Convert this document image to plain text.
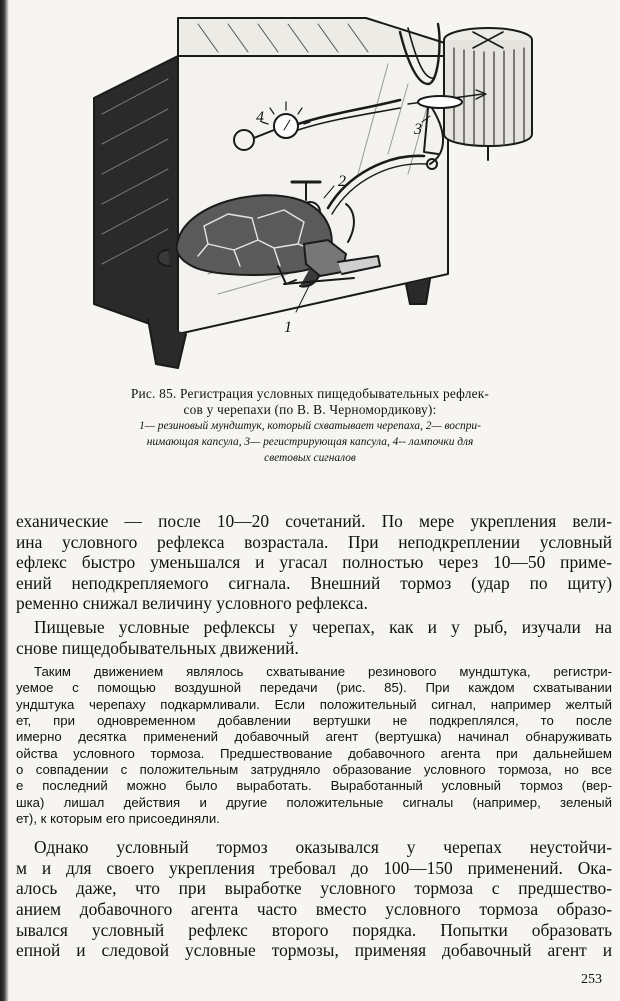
1
2
3
4
Рис. 85. Регистрация условных пищедобывательных рефлек-
сов у черепахи (по В. В. Черномордикову):
1— резиновый мундштук, который схватывает черепаха, 2— воспри-
нимающая капсула, 3— регистрирующая капсула, 4-- лампочки для
световых сигналов
еханические — после 10—20 сочетаний. По мере укрепления вели-
ина условного рефлекса возрастала. При неподкреплении условный
ефлекс быстро уменьшался и угасал полностью через 10—50 приме-
ений неподкрепляемого сигнала. Внешний тормоз (удар по щиту)
ременно снижал величину условного рефлекса.
Пищевые условные рефлексы у черепах, как и у рыб, изучали на
снове пищедобывательных движений.
Таким движением являлось схватывание резинового мундштука, регистри-
уемое с помощью воздушной передачи (рис. 85). При каждом схватывании
ундштука черепаху подкармливали. Если положительный сигнал, например желтый
ет, при одновременном добавлении вертушки не подкреплялся, то после
имерно десятка применений добавочный агент (вертушка) начинал обнаруживать
ойства условного тормоза. Предшествование добавочного агента при дальнейшем
о совпадении с положительным затрудняло образование условного тормоза, но все
е последний можно было выработать. Выработанный условный тормоз (вер-
шка) лишал действия и другие положительные сигналы (например, зеленый
ет), к которым его присоединяли.
Однако условный тормоз оказывался у черепах неустойчи-
м и для своего укрепления требовал до 100—150 применений. Ока-
алось даже, что при выработке условного тормоза с предшество-
анием добавочного агента часто вместо условного тормоза образо-
ывался условный рефлекс второго порядка. Попытки образовать
епной и следовой условные тормозы, применяя добавочный агент и
253
